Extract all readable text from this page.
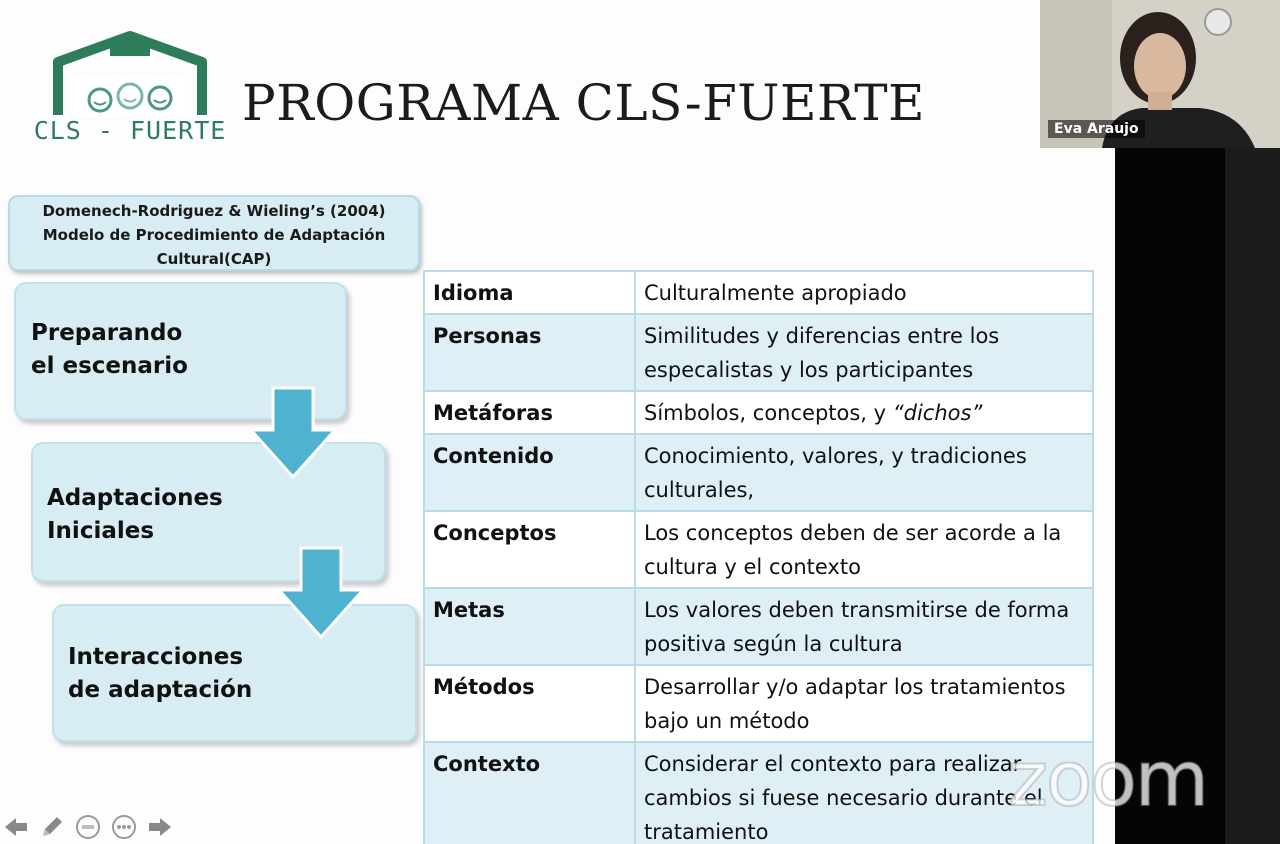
CLS - FUERTE PROGRAMA CLS-FUERTE
Domenech-Rodriguez & Wieling’s (2004)
Modelo de Procedimiento de Adaptación
Cultural(CAP)
Preparando
el escenario
Adaptaciones
Iniciales
Interacciones
de adaptación
Idioma	Culturalmente apropiado
Personas	Similitudes y diferencias entre los especalistas y los participantes
Metáforas	Símbolos, conceptos, y “dichos”
Contenido	Conocimiento, valores, y tradiciones culturales,
Conceptos	Los conceptos deben de ser acorde a la cultura y el contexto
Metas	Los valores deben transmitirse de forma positiva según la cultura
Métodos	Desarrollar y/o adaptar los tratamientos bajo un método
Contexto	Considerar el contexto para realizar cambios si fuese necesario durante el tratamiento
Eva Araujo
zoom
